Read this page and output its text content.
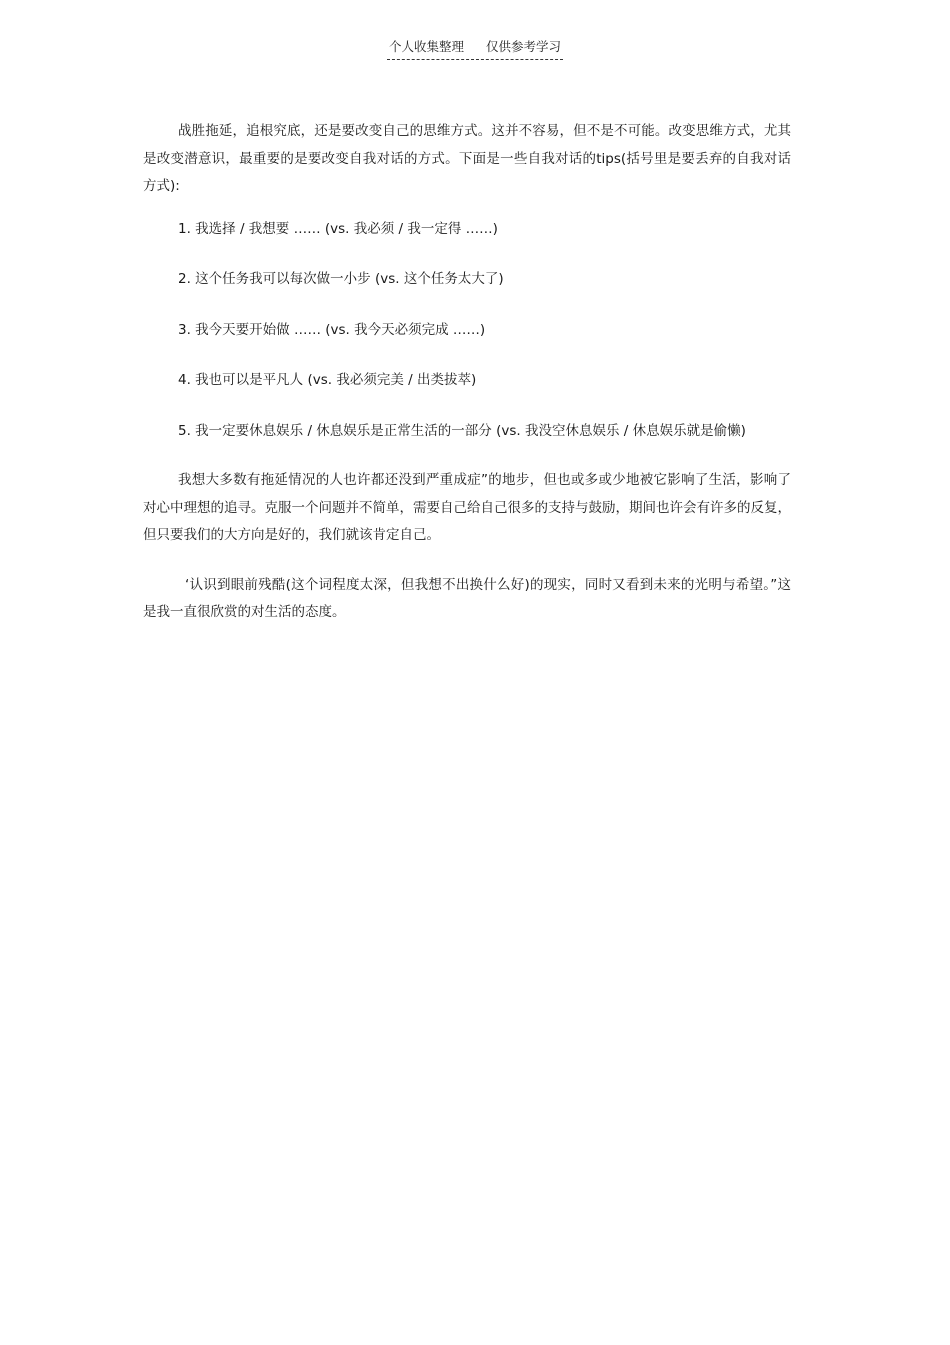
个人收集整理 仅供参考学习

战胜拖延，追根究底，还是要改变自己的思维方式。这并不容易，但不是不可能。改变思维方式，尤其是改变潜意识，最重要的是要改变自我对话的方式。下面是一些自我对话的tips(括号里是要丢弃的自我对话方式):

1. 我选择 / 我想要 …… (vs. 我必须 / 我一定得 ……)

2. 这个任务我可以每次做一小步 (vs. 这个任务太大了)

3. 我今天要开始做 …… (vs. 我今天必须完成 ……)

4. 我也可以是平凡人 (vs. 我必须完美 / 出类拔萃)

5. 我一定要休息娱乐 / 休息娱乐是正常生活的一部分 (vs. 我没空休息娱乐 / 休息娱乐就是偷懒)

我想大多数有拖延情况的人也许都还没到严重成症”的地步，但也或多或少地被它影响了生活，影响了对心中理想的追寻。克服一个问题并不简单，需要自己给自己很多的支持与鼓励，期间也许会有许多的反复，但只要我们的大方向是好的，我们就该肯定自己。

‘认识到眼前残酷(这个词程度太深，但我想不出换什么好)的现实，同时又看到未来的光明与希望。”这是我一直很欣赏的对生活的态度。
